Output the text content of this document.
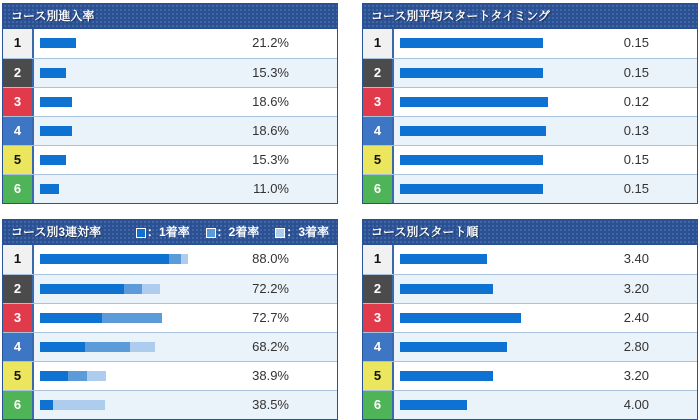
コース別進入率
1	21.2%
2	15.3%
3	18.6%
4	18.6%
5	15.3%
6	11.0%
コース別平均スタートタイミング
1	0.15
2	0.15
3	0.12
4	0.13
5	0.15
6	0.15
コース別3連対率	：1着率 ：2着率 ：3着率
1	88.0%
2	72.2%
3	72.7%
4	68.2%
5	38.9%
6	38.5%
コース別スタート順
1	3.40
2	3.20
3	2.40
4	2.80
5	3.20
6	4.00
